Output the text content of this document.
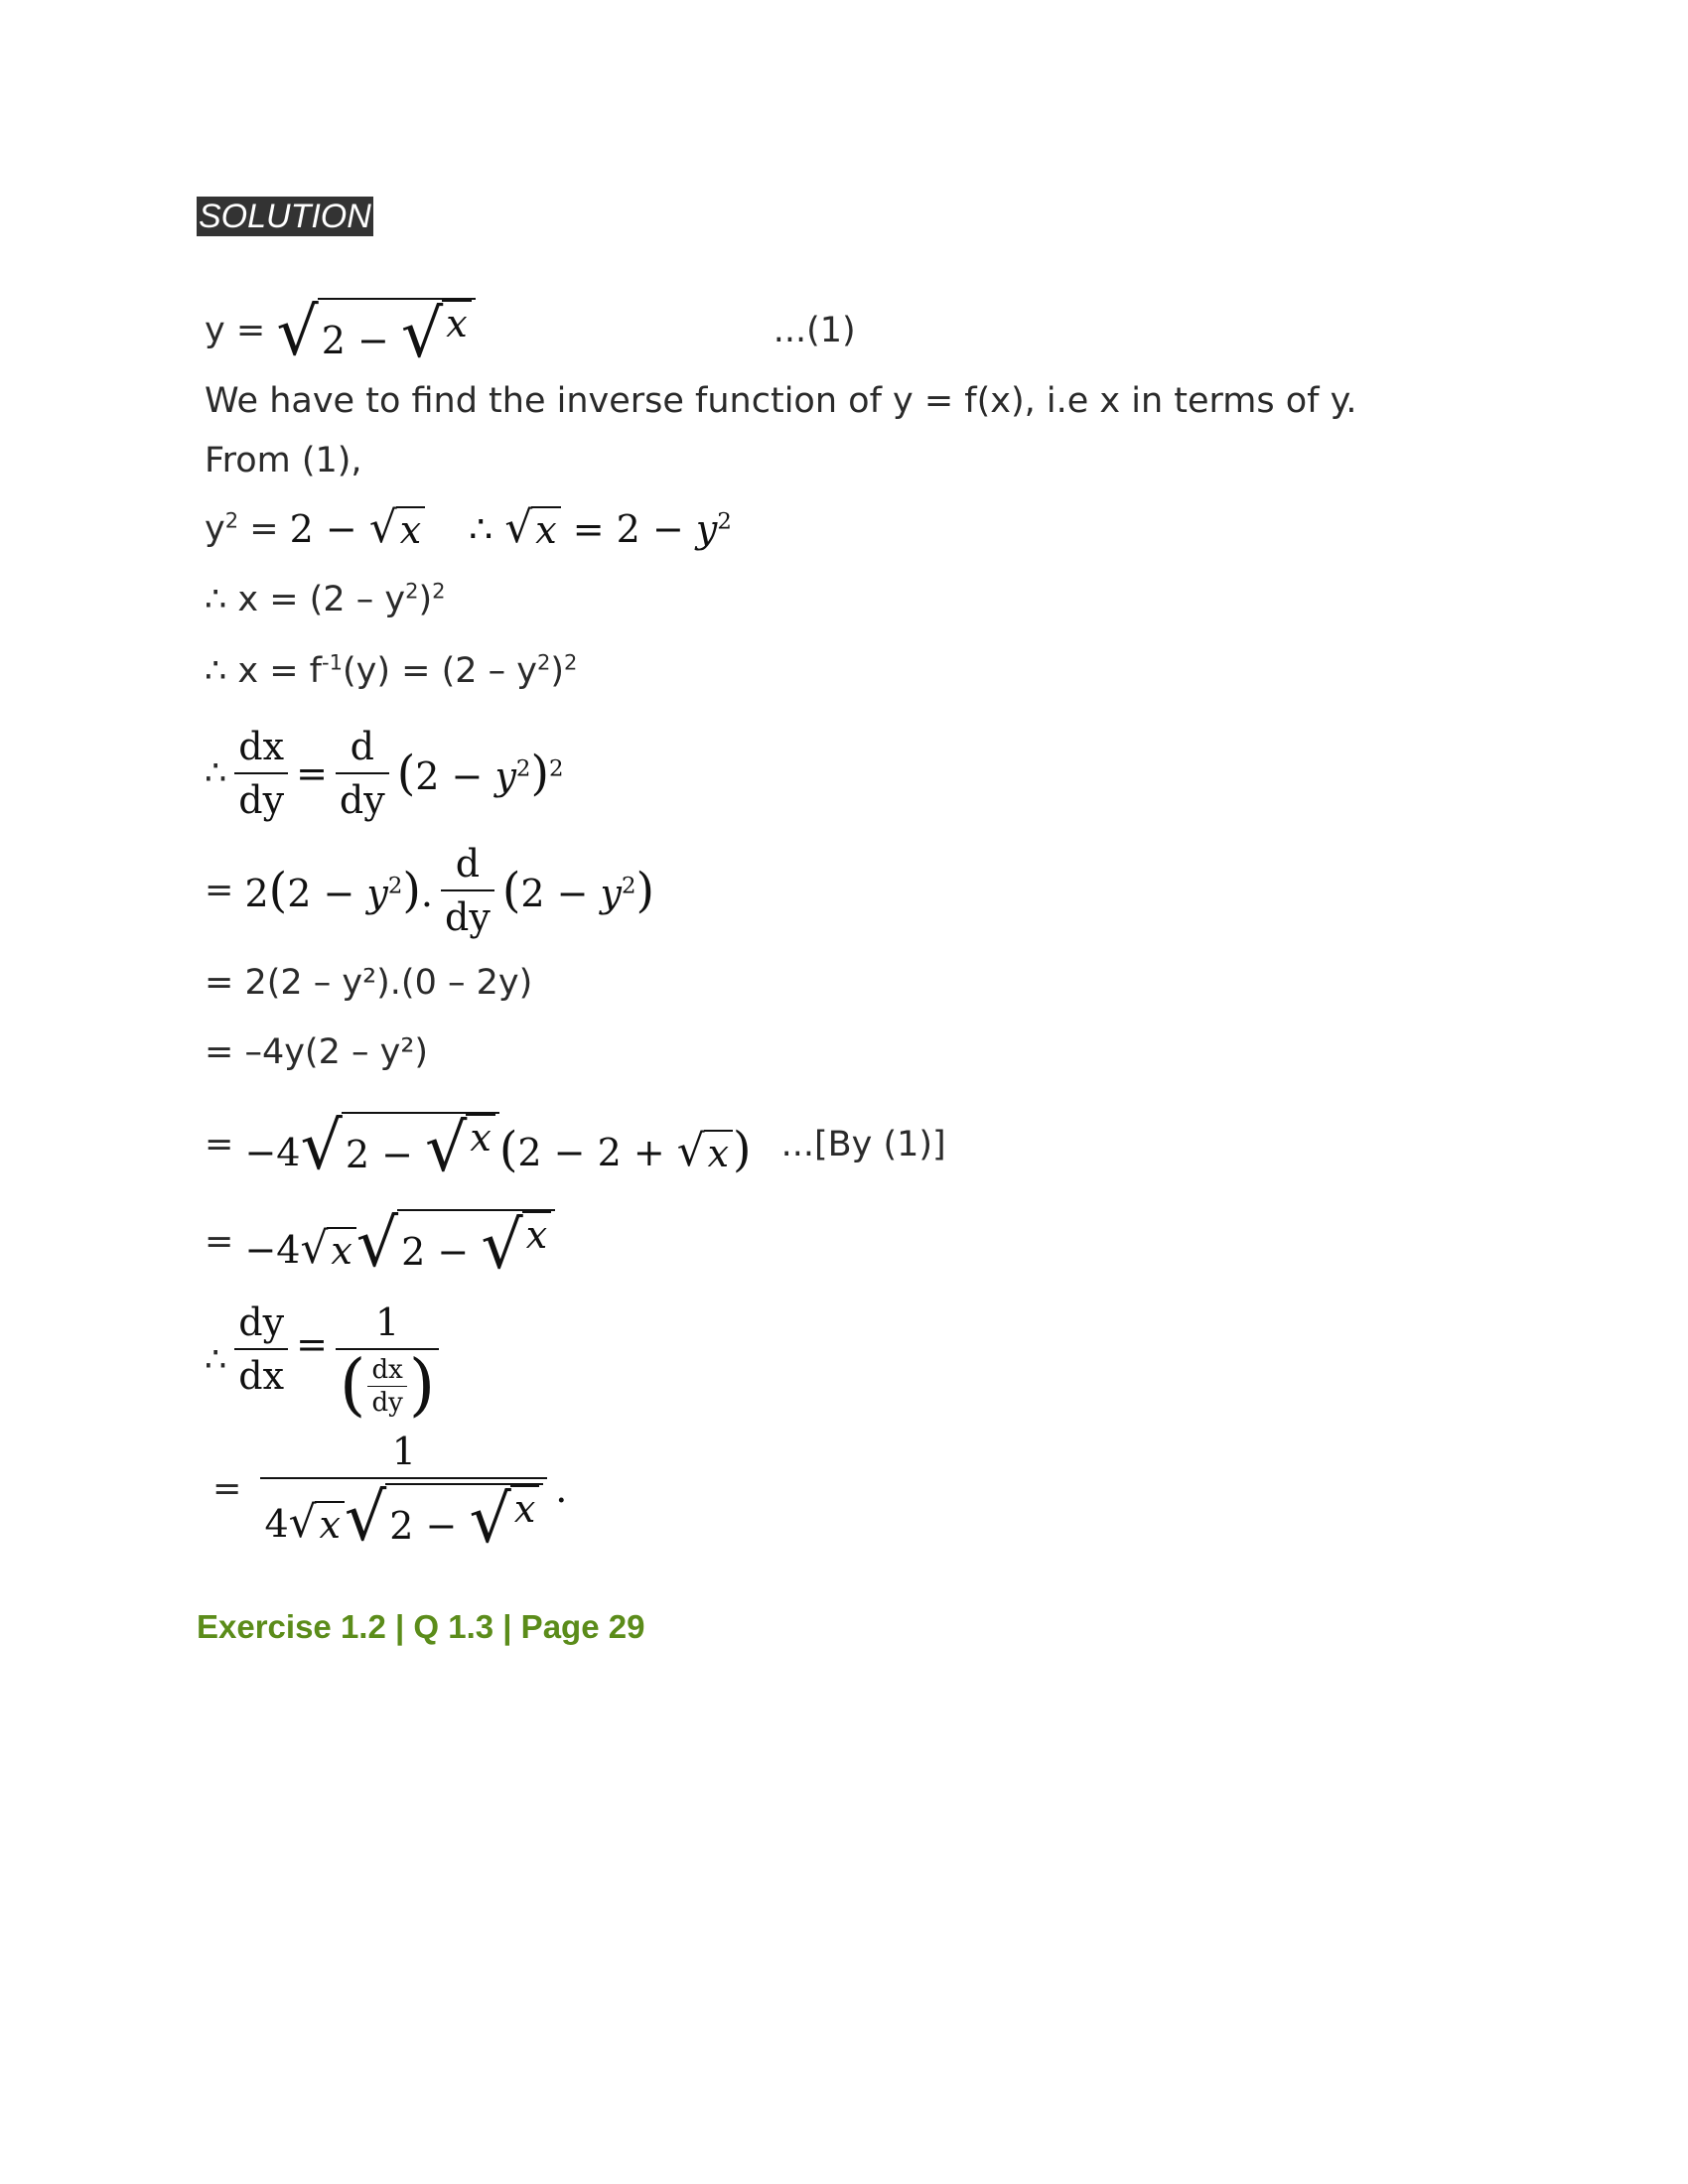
SOLUTION
y =
√ 2 − √ x	...(1)
We have to find the inverse function of y = f(x), i.e x in terms of y.
From (1),
$y^2 = 2$ − √ x ∴ √ $x = 2 - y^2$
∴ $x = (2 - y^2)^2$
∴ $x = f^{-1}(y) = (2 - y^2)^2$
∴ $\frac{dx}{dy} = \frac{d}{dy} (2 - y^2)^2$
=
$2(2 - y^2)$. $\frac{d}{dy} (2 - y^2)$
= 2(2 – y²).(0 – 2y)
= –4y(2 – y²)
= −4 √ 2 − √ x (2 − 2 + √ x ) ...[By (1)]
= −4 √ x √ 2 − √ x
∴ $\frac{dy}{dx} = \frac{1}{( \frac{dx}{dy} )}$
= $\frac{1}{4 √ x √ 2 - √ x}$ .
Exercise 1.2 | Q 1.3 | Page 29
